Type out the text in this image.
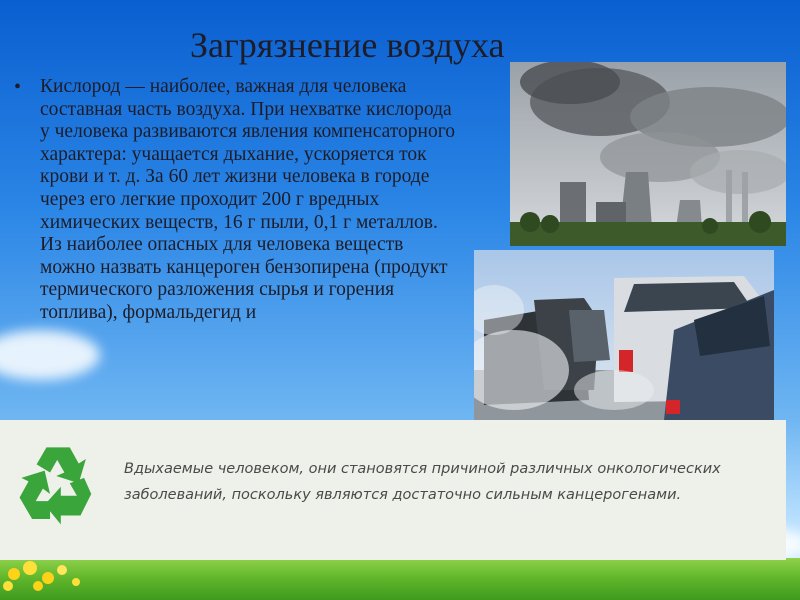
Загрязнение воздуха
• Кислород — наиболее, важная для человека составная часть воздуха. При нехватке кислорода у человека развиваются явления компенсаторного характера: учащается дыхание, ускоряется ток крови и т. д. За 60 лет жизни человека в городе через его легкие проходит 200 г вредных химических веществ, 16 г пыли, 0,1 г металлов. Из наиболее опасных для человека веществ можно назвать канцероген бензопирена (продукт термического разложения сырья и горения топлива), формальдегид и

Вдыхаемые человеком, они становятся причиной различных онкологических заболеваний, поскольку являются достаточно сильным канцерогенами.
